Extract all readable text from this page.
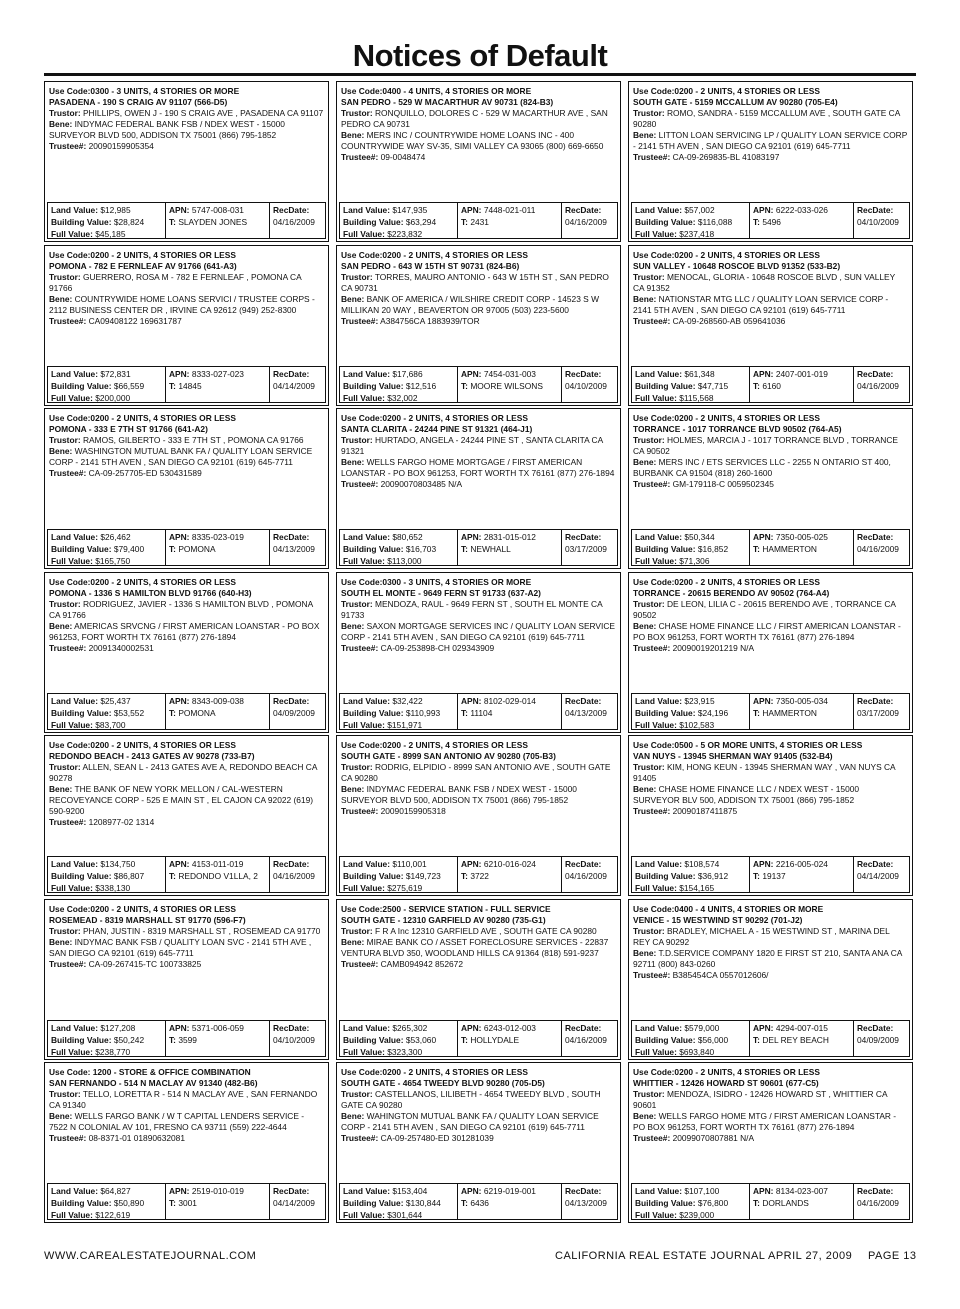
Notices of Default
Use Code:0300 - 3 UNITS, 4 STORIES OR MORE
PASADENA - 190 S CRAIG AV 91107 (566-D5)
Trustor: PHILLIPS, OWEN J - 190 S CRAIG AVE , PASADENA CA 91107
Bene: INDYMAC FEDERAL BANK FSB / NDEX WEST - 15000 SURVEYOR BLVD 500, ADDISON TX 75001 (866) 795-1852
Trustee#: 20090159905354
Land Value: $12,985
Building Value: $28,824
Full Value: $45,185
APN: 5747-008-031
T: SLAYDEN JONES
RecDate:
04/16/2009
Use Code:0400 - 4 UNITS, 4 STORIES OR MORE
SAN PEDRO - 529 W MACARTHUR AV 90731 (824-B3)
Trustor: RONQUILLO, DOLORES C - 529 W MACARTHUR AVE , SAN PEDRO CA 90731
Bene: MERS INC / COUNTRYWIDE HOME LOANS INC - 400 COUNTRYWIDE WAY SV-35, SIMI VALLEY CA 93065 (800) 669-6650
Trustee#: 09-0048474
Land Value: $147,935
Building Value: $63,294
Full Value: $223,832
APN: 7448-021-011
T: 2431
RecDate:
04/16/2009
Use Code:0200 - 2 UNITS, 4 STORIES OR LESS
SOUTH GATE - 5159 MCCALLUM AV 90280 (705-E4)
Trustor: ROMO, SANDRA - 5159 MCCALLUM AVE , SOUTH GATE CA 90280
Bene: LITTON LOAN SERVICING LP / QUALITY LOAN SERVICE CORP - 2141 5TH AVEN , SAN DIEGO CA 92101 (619) 645-7711
Trustee#: CA-09-269835-BL 41083197
Land Value: $57,002
Building Value: $116,088
Full Value: $237,418
APN: 6222-033-026
T: 5496
RecDate:
04/10/2009
Use Code:0200 - 2 UNITS, 4 STORIES OR LESS
POMONA - 782 E FERNLEAF AV 91766 (641-A3)
Trustor: GUERRERO, ROSA M - 782 E FERNLEAF , POMONA CA 91766
Bene: COUNTRYWIDE HOME LOANS SERVICI / TRUSTEE CORPS - 2112 BUSINESS CENTER DR , IRVINE CA 92612 (949) 252-8300
Trustee#: CA09408122 169631787
Land Value: $72,831
Building Value: $66,559
Full Value: $200,000
APN: 8333-027-023
T: 14845
RecDate:
04/14/2009
Use Code:0200 - 2 UNITS, 4 STORIES OR LESS
SAN PEDRO - 643 W 15TH ST 90731 (824-B6)
Trustor: TORRES, MAURO ANTONIO - 643 W 15TH ST , SAN PEDRO CA 90731
Bene: BANK OF AMERICA / WILSHIRE CREDIT CORP - 14523 S W MILLIKAN 20 WAY , BEAVERTON OR 97005 (503) 223-5600
Trustee#: A384756CA 1883939/TOR
Land Value: $17,686
Building Value: $12,516
Full Value: $32,002
APN: 7454-031-003
T: MOORE WILSONS
RecDate:
04/10/2009
Use Code:0200 - 2 UNITS, 4 STORIES OR LESS
SUN VALLEY - 10648 ROSCOE BLVD 91352 (533-B2)
Trustor: MENOCAL, GLORIA - 10648 ROSCOE BLVD , SUN VALLEY CA 91352
Bene: NATIONSTAR MTG LLC / QUALITY LOAN SERVICE CORP - 2141 5TH AVEN , SAN DIEGO CA 92101 (619) 645-7711
Trustee#: CA-09-268560-AB 059641036
Land Value: $61,348
Building Value: $47,715
Full Value: $115,568
APN: 2407-001-019
T: 6160
RecDate:
04/16/2009
Use Code:0200 - 2 UNITS, 4 STORIES OR LESS
POMONA - 333 E 7TH ST 91766 (641-A2)
Trustor: RAMOS, GILBERTO - 333 E 7TH ST , POMONA CA 91766
Bene: WASHINGTON MUTUAL BANK FA / QUALITY LOAN SERVICE CORP - 2141 5TH AVEN , SAN DIEGO CA 92101 (619) 645-7711
Trustee#: CA-09-257705-ED 530431589
Land Value: $26,462
Building Value: $79,400
Full Value: $165,750
APN: 8335-023-019
T: POMONA
RecDate:
04/13/2009
Use Code:0200 - 2 UNITS, 4 STORIES OR LESS
SANTA CLARITA - 24244 PINE ST 91321 (464-J1)
Trustor: HURTADO, ANGELA - 24244 PINE ST , SANTA CLARITA CA 91321
Bene: WELLS FARGO HOME MORTGAGE / FIRST AMERICAN LOANSTAR - PO BOX 961253, FORT WORTH TX 76161 (877) 276-1894
Trustee#: 20090070803485 N/A
Land Value: $80,652
Building Value: $16,703
Full Value: $113,000
APN: 2831-015-012
T: NEWHALL
RecDate:
03/17/2009
Use Code:0200 - 2 UNITS, 4 STORIES OR LESS
TORRANCE - 1017 TORRANCE BLVD 90502 (764-A5)
Trustor: HOLMES, MARCIA J - 1017 TORRANCE BLVD , TORRANCE CA 90502
Bene: MERS INC / ETS SERVICES LLC - 2255 N ONTARIO ST 400, BURBANK CA 91504 (818) 260-1600
Trustee#: GM-179118-C 0059502345
Land Value: $50,344
Building Value: $16,852
Full Value: $71,306
APN: 7350-005-025
T: HAMMERTON
RecDate:
04/16/2009
Use Code:0200 - 2 UNITS, 4 STORIES OR LESS
POMONA - 1336 S HAMILTON BLVD 91766 (640-H3)
Trustor: RODRIGUEZ, JAVIER - 1336 S HAMILTON BLVD , POMONA CA 91766
Bene: AMERICAS SRVCNG / FIRST AMERICAN LOANSTAR - PO BOX 961253, FORT WORTH TX 76161 (877) 276-1894
Trustee#: 20091340002531
Land Value: $25,437
Building Value: $53,552
Full Value: $83,700
APN: 8343-009-038
T: POMONA
RecDate:
04/09/2009
Use Code:0300 - 3 UNITS, 4 STORIES OR MORE
SOUTH EL MONTE - 9649 FERN ST 91733 (637-A2)
Trustor: MENDOZA, RAUL - 9649 FERN ST , SOUTH EL MONTE CA 91733
Bene: SAXON MORTGAGE SERVICES INC / QUALITY LOAN SERVICE CORP - 2141 5TH AVEN , SAN DIEGO CA 92101 (619) 645-7711
Trustee#: CA-09-253898-CH 029343909
Land Value: $32,422
Building Value: $110,993
Full Value: $151,971
APN: 8102-029-014
T: 11104
RecDate:
04/13/2009
Use Code:0200 - 2 UNITS, 4 STORIES OR LESS
TORRANCE - 20615 BERENDO AV 90502 (764-A4)
Trustor: DE LEON, LILIA C - 20615 BERENDO AVE , TORRANCE CA 90502
Bene: CHASE HOME FINANCE LLC / FIRST AMERICAN LOANSTAR - PO BOX 961253, FORT WORTH TX 76161 (877) 276-1894
Trustee#: 20090019201219 N/A
Land Value: $23,915
Building Value: $24,196
Full Value: $102,583
APN: 7350-005-034
T: HAMMERTON
RecDate:
03/17/2009
Use Code:0200 - 2 UNITS, 4 STORIES OR LESS
REDONDO BEACH - 2413 GATES AV 90278 (733-B7)
Trustor: ALLEN, SEAN L - 2413 GATES AVE A, REDONDO BEACH CA 90278
Bene: THE BANK OF NEW YORK MELLON / CAL-WESTERN RECOVEYANCE CORP - 525 E MAIN ST , EL CAJON CA 92022 (619) 590-9200
Trustee#: 1208977-02 1314
Land Value: $134,750
Building Value: $86,807
Full Value: $338,130
APN: 4153-011-019
T: REDONDO V1LLA, 2
RecDate:
04/16/2009
Use Code:0200 - 2 UNITS, 4 STORIES OR LESS
SOUTH GATE - 8999 SAN ANTONIO AV 90280 (705-B3)
Trustor: RODRIG, ELPIDIO - 8999 SAN ANTONIO AVE , SOUTH GATE CA 90280
Bene: INDYMAC FEDERAL BANK FSB / NDEX WEST - 15000 SURVEYOR BLVD 500, ADDISON TX 75001 (866) 795-1852
Trustee#: 20090159905318
Land Value: $110,001
Building Value: $149,723
Full Value: $275,619
APN: 6210-016-024
T: 3722
RecDate:
04/16/2009
Use Code:0500 - 5 OR MORE UNITS, 4 STORIES OR LESS
VAN NUYS - 13945 SHERMAN WAY 91405 (532-B4)
Trustor: KIM, HONG KEUN - 13945 SHERMAN WAY , VAN NUYS CA 91405
Bene: CHASE HOME FINANCE LLC / NDEX WEST - 15000 SURVEYOR BLV 500, ADDISON TX 75001 (866) 795-1852
Trustee#: 20090187411875
Land Value: $108,574
Building Value: $36,912
Full Value: $154,165
APN: 2216-005-024
T: 19137
RecDate:
04/14/2009
Use Code:0200 - 2 UNITS, 4 STORIES OR LESS
ROSEMEAD - 8319 MARSHALL ST 91770 (596-F7)
Trustor: PHAN, JUSTIN - 8319 MARSHALL ST , ROSEMEAD CA 91770
Bene: INDYMAC BANK FSB / QUALITY LOAN SVC - 2141 5TH AVE , SAN DIEGO CA 92101 (619) 645-7711
Trustee#: CA-09-267415-TC 100733825
Land Value: $127,208
Building Value: $50,242
Full Value: $238,770
APN: 5371-006-059
T: 3599
RecDate:
04/10/2009
Use Code:2500 - SERVICE STATION - FULL SERVICE
SOUTH GATE - 12310 GARFIELD AV 90280 (735-G1)
Trustor: F R A Inc 12310 GARFIELD AVE , SOUTH GATE CA 90280
Bene: MIRAE BANK CO / ASSET FORECLOSURE SERVICES - 22837 VENTURA BLVD 350, WOODLAND HILLS CA 91364 (818) 591-9237
Trustee#: CAMB094942 852672
Land Value: $265,302
Building Value: $53,060
Full Value: $323,300
APN: 6243-012-003
T: HOLLYDALE
RecDate:
04/16/2009
Use Code:0400 - 4 UNITS, 4 STORIES OR MORE
VENICE - 15 WESTWIND ST 90292 (701-J2)
Trustor: BRADLEY, MICHAEL A - 15 WESTWIND ST , MARINA DEL REY CA 90292
Bene: T.D.SERVICE COMPANY 1820 E FIRST ST 210, SANTA ANA CA 92711 (800) 843-0260
Trustee#: B385454CA 0557012606/
Land Value: $579,000
Building Value: $56,000
Full Value: $693,840
APN: 4294-007-015
T: DEL REY BEACH
RecDate:
04/09/2009
Use Code: 1200 - STORE & OFFICE COMBINATION
SAN FERNANDO - 514 N MACLAY AV 91340 (482-B6)
Trustor: TELLO, LORETTA R - 514 N MACLAY AVE , SAN FERNANDO CA 91340
Bene: WELLS FARGO BANK / W T CAPITAL LENDERS SERVICE - 7522 N COLONIAL AV 101, FRESNO CA 93711 (559) 222-4644
Trustee#: 08-8371-01 01890632081
Land Value: $64,827
Building Value: $50,890
Full Value: $122,619
APN: 2519-010-019
T: 3001
RecDate:
04/14/2009
Use Code:0200 - 2 UNITS, 4 STORIES OR LESS
SOUTH GATE - 4654 TWEEDY BLVD 90280 (705-D5)
Trustor: CASTELLANOS, LILIBETH - 4654 TWEEDY BLVD , SOUTH GATE CA 90280
Bene: WAHINGTON MUTUAL BANK FA / QUALITY LOAN SERVICE CORP - 2141 5TH AVEN , SAN DIEGO CA 92101 (619) 645-7711
Trustee#: CA-09-257480-ED 301281039
Land Value: $153,404
Building Value: $130,844
Full Value: $301,644
APN: 6219-019-001
T: 6436
RecDate:
04/13/2009
Use Code:0200 - 2 UNITS, 4 STORIES OR LESS
WHITTIER - 12426 HOWARD ST 90601 (677-C5)
Trustor: MENDOZA, ISIDRO - 12426 HOWARD ST , WHITTIER CA 90601
Bene: WELLS FARGO HOME MTG / FIRST AMERICAN LOANSTAR - PO BOX 961253, FORT WORTH TX 76161 (877) 276-1894
Trustee#: 20099070807881 N/A
Land Value: $107,100
Building Value: $76,800
Full Value: $239,000
APN: 8134-023-007
T: DORLANDS
RecDate:
04/16/2009
WWW.CAREALESTATEJOURNAL.COM	CALIFORNIA REAL ESTATE JOURNAL APRIL 27, 2009 PAGE 13
